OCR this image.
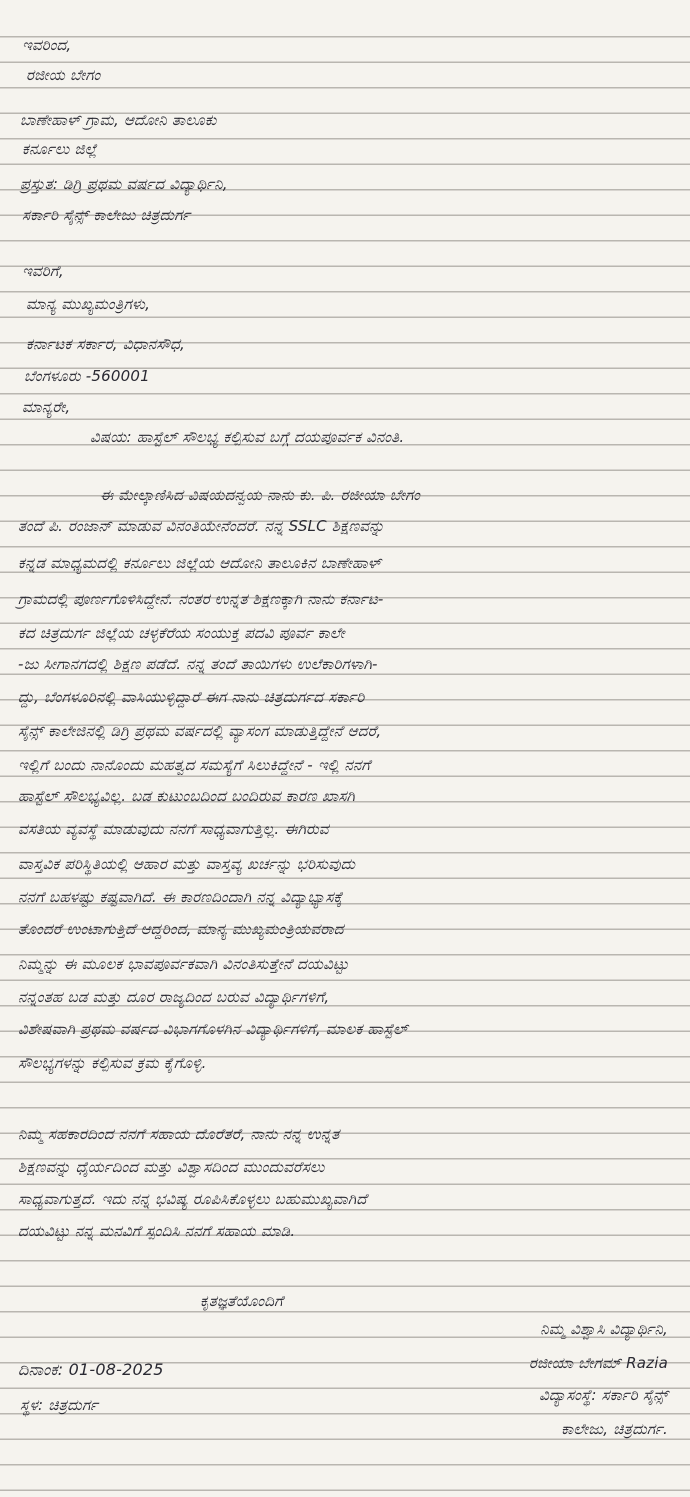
ಇವರಿಂದ,
ರಜೀಯ ಬೇಗಂ
ಬಾಣೇಹಾಳ್ ಗ್ರಾಮ, ಆದೋನಿ ತಾಲೂಕು
ಕರ್ನೂಲು ಜಿಲ್ಲೆ
ಪ್ರಸ್ತುತ: ಡಿಗ್ರಿ ಪ್ರಥಮ ವರ್ಷದ ವಿದ್ಯಾರ್ಥಿನಿ,
ಸರ್ಕಾರಿ ಸೈನ್ಸ್ ಕಾಲೇಜು ಚಿತ್ರದುರ್ಗ
ಇವರಿಗೆ,
ಮಾನ್ಯ ಮುಖ್ಯಮಂತ್ರಿಗಳು,
ಕರ್ನಾಟಕ ಸರ್ಕಾರ, ವಿಧಾನಸೌಧ,
ಬೆಂಗಳೂರು -560001
ಮಾನ್ಯರೇ,
ವಿಷಯ: ಹಾಸ್ಟೆಲ್ ಸೌಲಭ್ಯ ಕಲ್ಪಿಸುವ ಬಗ್ಗೆ ದಯಪೂರ್ವಕ ವಿನಂತಿ.
ಈ ಮೇಲ್ಕಾಣಿಸಿದ ವಿಷಯದನ್ವಯ ನಾನು ಕು. ಪಿ. ರಜೀಯಾ ಬೇಗಂ
ತಂದೆ ಪಿ. ರಂಜಾನ್ ಮಾಡುವ ವಿನಂತಿಯೇನೆಂದರೆ. ನನ್ನ SSLC ಶಿಕ್ಷಣವನ್ನು
ಕನ್ನಡ ಮಾಧ್ಯಮದಲ್ಲಿ ಕರ್ನೂಲು ಜಿಲ್ಲೆಯ ಆದೋನಿ ತಾಲೂಕಿನ ಬಾಣೇಹಾಳ್
ಗ್ರಾಮದಲ್ಲಿ ಪೂರ್ಣಗೊಳಿಸಿದ್ದೇನೆ. ನಂತರ ಉನ್ನತ ಶಿಕ್ಷಣಕ್ಕಾಗಿ ನಾನು ಕರ್ನಾಟ-
ಕದ ಚಿತ್ರದುರ್ಗ ಜಿಲ್ಲೆಯ ಚಳ್ಳಕೆರೆಯ ಸಂಯುಕ್ತ ಪದವಿ ಪೂರ್ವ ಕಾಲೇ
-ಜು ಸೀಗಾನಗದಲ್ಲಿ ಶಿಕ್ಷಣ ಪಡೆದೆ. ನನ್ನ ತಂದೆ ತಾಯಿಗಳು ಉಲೆಕಾರಿಗಳಾಗಿ-
ದ್ದು, ಬೆಂಗಳೂರಿನಲ್ಲಿ ವಾಸಿಯುಳ್ಳಿದ್ದಾರೆ ಈಗ ನಾನು ಚಿತ್ರದುರ್ಗದ ಸರ್ಕಾರಿ
ಸೈನ್ಸ್ ಕಾಲೇಜಿನಲ್ಲಿ ಡಿಗ್ರಿ ಪ್ರಥಮ ವರ್ಷದಲ್ಲಿ ವ್ಯಾಸಂಗ ಮಾಡುತ್ತಿದ್ದೇನೆ ಆದರೆ,
ಇಲ್ಲಿಗೆ ಬಂದು ನಾನೊಂದು ಮಹತ್ವದ ಸಮಸ್ಯೆಗೆ ಸಿಲುಕಿದ್ದೇನೆ - ಇಲ್ಲಿ ನನಗೆ
ಹಾಸ್ಟೆಲ್ ಸೌಲಭ್ಯವಿಲ್ಲ. ಬಡ ಕುಟುಂಬದಿಂದ ಬಂದಿರುವ ಕಾರಣ ಖಾಸಗಿ
ವಸತಿಯ ವ್ಯವಸ್ಥೆ ಮಾಡುವುದು ನನಗೆ ಸಾಧ್ಯವಾಗುತ್ತಿಲ್ಲ. ಈಗಿರುವ
ವಾಸ್ತವಿಕ ಪರಿಸ್ಥಿತಿಯಲ್ಲಿ ಆಹಾರ ಮತ್ತು ವಾಸ್ತವ್ಯ ಖರ್ಚನ್ನು ಭರಿಸುವುದು
ನನಗೆ ಬಹಳಷ್ಟು ಕಷ್ಟವಾಗಿದೆ. ಈ ಕಾರಣದಿಂದಾಗಿ ನನ್ನ ವಿದ್ಯಾಭ್ಯಾಸಕ್ಕೆ
ತೊಂದರೆ ಉಂಟಾಗುತ್ತಿದೆ ಆದ್ದರಿಂದ, ಮಾನ್ಯ ಮುಖ್ಯಮಂತ್ರಿಯವರಾದ
ನಿಮ್ಮನ್ನು ಈ ಮೂಲಕ ಭಾವಪೂರ್ವಕವಾಗಿ ವಿನಂತಿಸುತ್ತೇನೆ ದಯವಿಟ್ಟು
ನನ್ನಂತಹ ಬಡ ಮತ್ತು ದೂರ ರಾಜ್ಯದಿಂದ ಬರುವ ವಿದ್ಯಾರ್ಥಿಗಳಿಗೆ,
ವಿಶೇಷವಾಗಿ ಪ್ರಥಮ ವರ್ಷದ ವಿಭಾಗಗೊಳಗಿನ ವಿದ್ಯಾರ್ಥಿಗಳಿಗೆ, ಮಾಲಕ ಹಾಸ್ಟೆಲ್
ಸೌಲಭ್ಯಗಳನ್ನು ಕಲ್ಪಿಸುವ ಕ್ರಮ ಕೈಗೊಳ್ಳಿ.
ನಿಮ್ಮ ಸಹಕಾರದಿಂದ ನನಗೆ ಸಹಾಯ ದೊರೆತರೆ, ನಾನು ನನ್ನ ಉನ್ನತ
ಶಿಕ್ಷಣವನ್ನು ಧೈರ್ಯದಿಂದ ಮತ್ತು ವಿಶ್ವಾಸದಿಂದ ಮುಂದುವರೆಸಲು
ಸಾಧ್ಯವಾಗುತ್ತದೆ. ಇದು ನನ್ನ ಭವಿಷ್ಯ ರೂಪಿಸಿಕೊಳ್ಳಲು ಬಹುಮುಖ್ಯವಾಗಿದೆ
ದಯವಿಟ್ಟು ನನ್ನ ಮನವಿಗೆ ಸ್ಪಂದಿಸಿ ನನಗೆ ಸಹಾಯ ಮಾಡಿ.
ಕೃತಜ್ಞತೆಯೊಂದಿಗೆ
ನಿಮ್ಮ ವಿಶ್ವಾಸಿ ವಿದ್ಯಾರ್ಥಿನಿ,
ರಜೀಯಾ ಬೇಗಮ್ Razia
ವಿದ್ಯಾಸಂಸ್ಥೆ: ಸರ್ಕಾರಿ ಸೈನ್ಸ್
ಕಾಲೇಜು, ಚಿತ್ರದುರ್ಗ.
ದಿನಾಂಕ: 01-08-2025
ಸ್ಥಳ: ಚಿತ್ರದುರ್ಗ
